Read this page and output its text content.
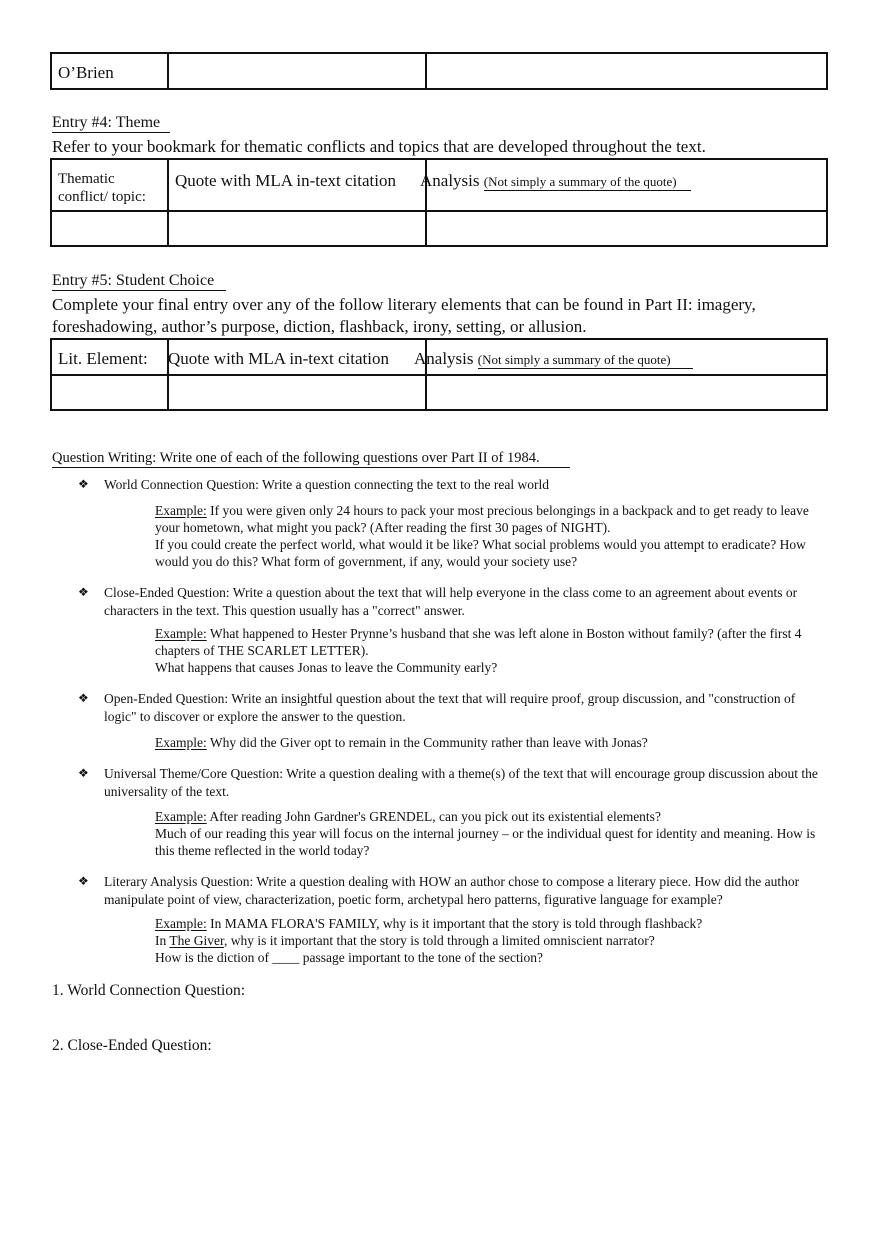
O’Brien

Entry #4: Theme
Refer to your bookmark for thematic conflicts and topics that are developed throughout the text.
Thematic conflict/ topic:	Quote with MLA in-text citation	Analysis (Not simply a summary of the quote)

Entry #5: Student Choice
Complete your final entry over any of the follow literary elements that can be found in Part II: imagery, foreshadowing, author’s purpose, diction, flashback, irony, setting, or allusion.
Lit. Element:	Quote with MLA in-text citation	Analysis (Not simply a summary of the quote)

Question Writing: Write one of each of the following questions over Part II of 1984.
❖ World Connection Question: Write a question connecting the text to the real world
Example: If you were given only 24 hours to pack your most precious belongings in a backpack and to get ready to leave your hometown, what might you pack? (After reading the first 30 pages of NIGHT).
If you could create the perfect world, what would it be like? What social problems would you attempt to eradicate? How would you do this? What form of government, if any, would your society use?
❖ Close-Ended Question: Write a question about the text that will help everyone in the class come to an agreement about events or characters in the text. This question usually has a "correct" answer.
Example: What happened to Hester Prynne’s husband that she was left alone in Boston without family? (after the first 4 chapters of THE SCARLET LETTER).
What happens that causes Jonas to leave the Community early?
❖ Open-Ended Question: Write an insightful question about the text that will require proof, group discussion, and "construction of logic" to discover or explore the answer to the question.
Example: Why did the Giver opt to remain in the Community rather than leave with Jonas?
❖ Universal Theme/Core Question: Write a question dealing with a theme(s) of the text that will encourage group discussion about the universality of the text.
Example: After reading John Gardner's GRENDEL, can you pick out its existential elements?
Much of our reading this year will focus on the internal journey – or the individual quest for identity and meaning. How is this theme reflected in the world today?
❖ Literary Analysis Question: Write a question dealing with HOW an author chose to compose a literary piece. How did the author manipulate point of view, characterization, poetic form, archetypal hero patterns, figurative language for example?
Example: In MAMA FLORA'S FAMILY, why is it important that the story is told through flashback?
In The Giver, why is it important that the story is told through a limited omniscient narrator?
How is the diction of ____ passage important to the tone of the section?
1. World Connection Question:
2. Close-Ended Question:
